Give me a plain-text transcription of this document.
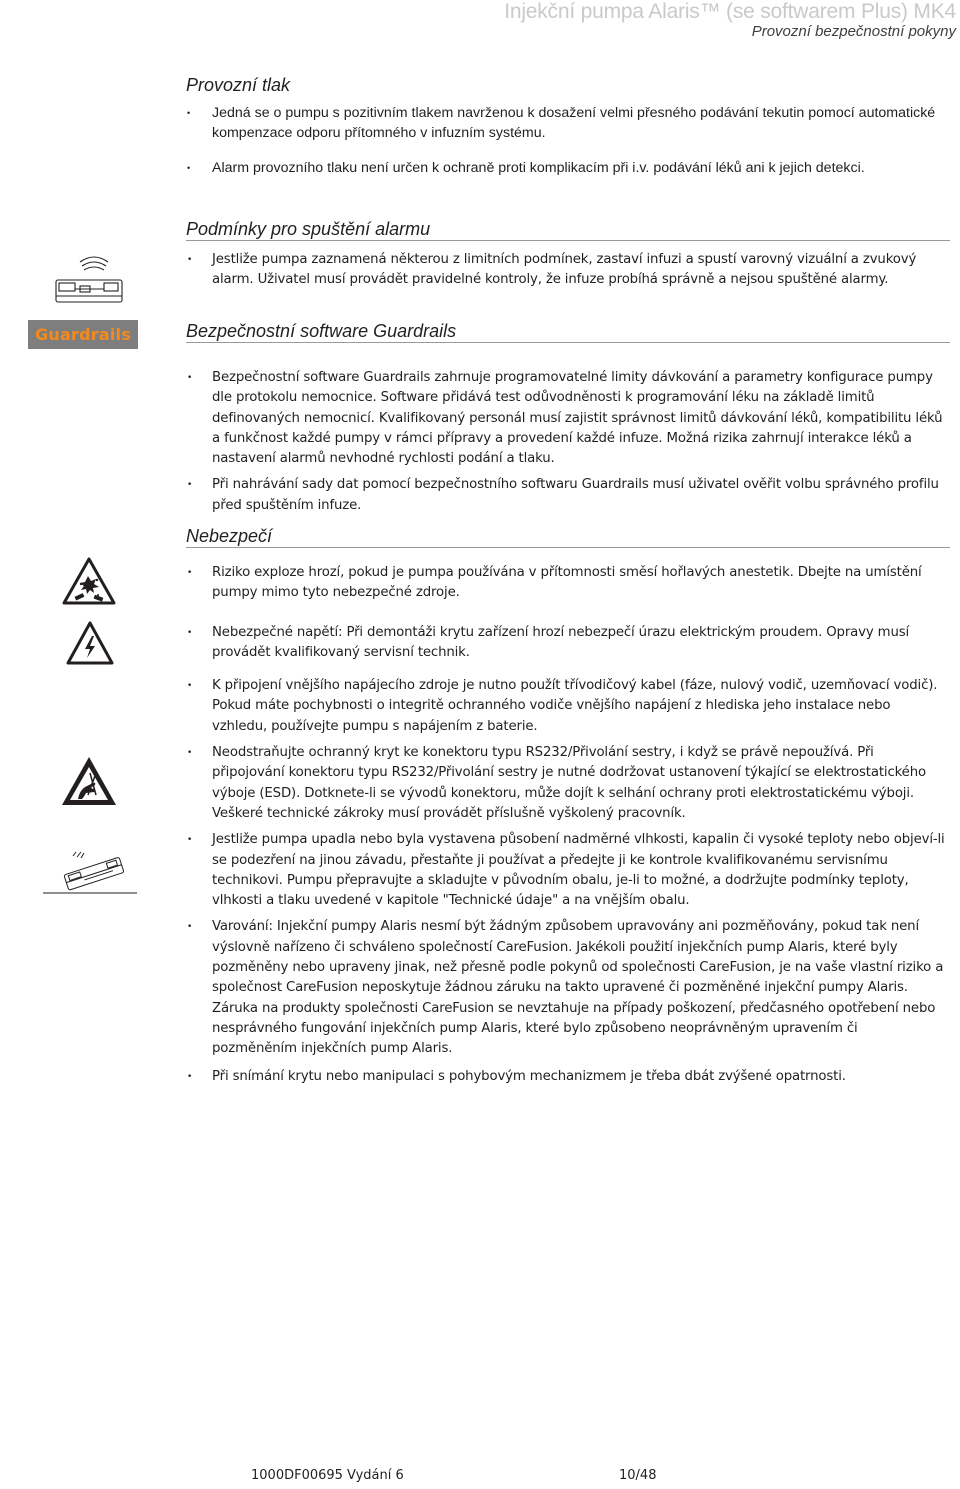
Injekční pumpa Alaris™ (se softwarem Plus) MK4
Provozní bezpečnostní pokyny
Provozní tlak
• Jedná se o pumpu s pozitivním tlakem navrženou k dosažení velmi přesného podávání tekutin pomocí automatické kompenzace odporu přítomného v infuzním systému.
• Alarm provozního tlaku není určen k ochraně proti komplikacím při i.v. podávání léků ani k jejich detekci.
Podmínky pro spuštění alarmu
• Jestliže pumpa zaznamená některou z limitních podmínek, zastaví infuzi a spustí varovný vizuální a zvukový alarm. Uživatel musí provádět pravidelné kontroly, že infuze probíhá správně a nejsou spuštěné alarmy.
Guardrails	Bezpečnostní software Guardrails
• Bezpečnostní software Guardrails zahrnuje programovatelné limity dávkování a parametry konfigurace pumpy dle protokolu nemocnice. Software přidává test odůvodněnosti k programování léku na základě limitů definovaných nemocnicí. Kvalifikovaný personál musí zajistit správnost limitů dávkování léků, kompatibilitu léků a funkčnost každé pumpy v rámci přípravy a provedení každé infuze. Možná rizika zahrnují interakce léků a nastavení alarmů nevhodné rychlosti podání a tlaku.
• Při nahrávání sady dat pomocí bezpečnostního softwaru Guardrails musí uživatel ověřit volbu správného profilu před spuštěním infuze.
Nebezpečí
• Riziko exploze hrozí, pokud je pumpa používána v přítomnosti směsí hořlavých anestetik. Dbejte na umístění pumpy mimo tyto nebezpečné zdroje.
• Nebezpečné napětí: Při demontáži krytu zařízení hrozí nebezpečí úrazu elektrickým proudem. Opravy musí provádět kvalifikovaný servisní technik.
• K připojení vnějšího napájecího zdroje je nutno použít třívodičový kabel (fáze, nulový vodič, uzemňovací vodič). Pokud máte pochybnosti o integritě ochranného vodiče vnějšího napájení z hlediska jeho instalace nebo vzhledu, používejte pumpu s napájením z baterie.
• Neodstraňujte ochranný kryt ke konektoru typu RS232/Přivolání sestry, i když se právě nepoužívá. Při připojování konektoru typu RS232/Přivolání sestry je nutné dodržovat ustanovení týkající se elektrostatického výboje (ESD). Dotknete-li se vývodů konektoru, může dojít k selhání ochrany proti elektrostatickému výboji. Veškeré technické zákroky musí provádět příslušně vyškolený pracovník.
• Jestliže pumpa upadla nebo byla vystavena působení nadměrné vlhkosti, kapalin či vysoké teploty nebo objeví-li se podezření na jinou závadu, přestaňte ji používat a předejte ji ke kontrole kvalifikovanému servisnímu technikovi. Pumpu přepravujte a skladujte v původním obalu, je-li to možné, a dodržujte podmínky teploty, vlhkosti a tlaku uvedené v kapitole "Technické údaje" a na vnějším obalu.
• Varování: Injekční pumpy Alaris nesmí být žádným způsobem upravovány ani pozměňovány, pokud tak není výslovně nařízeno či schváleno společností CareFusion. Jakékoli použití injekčních pump Alaris, které byly pozměněny nebo upraveny jinak, než přesně podle pokynů od společnosti CareFusion, je na vaše vlastní riziko a společnost CareFusion neposkytuje žádnou záruku na takto upravené či pozměněné injekční pumpy Alaris. Záruka na produkty společnosti CareFusion se nevztahuje na případy poškození, předčasného opotřebení nebo nesprávného fungování injekčních pump Alaris, které bylo způsobeno neoprávněným upravením či pozměněním injekčních pump Alaris.
• Při snímání krytu nebo manipulaci s pohybovým mechanizmem je třeba dbát zvýšené opatrnosti.
1000DF00695 Vydání 6	10/48
